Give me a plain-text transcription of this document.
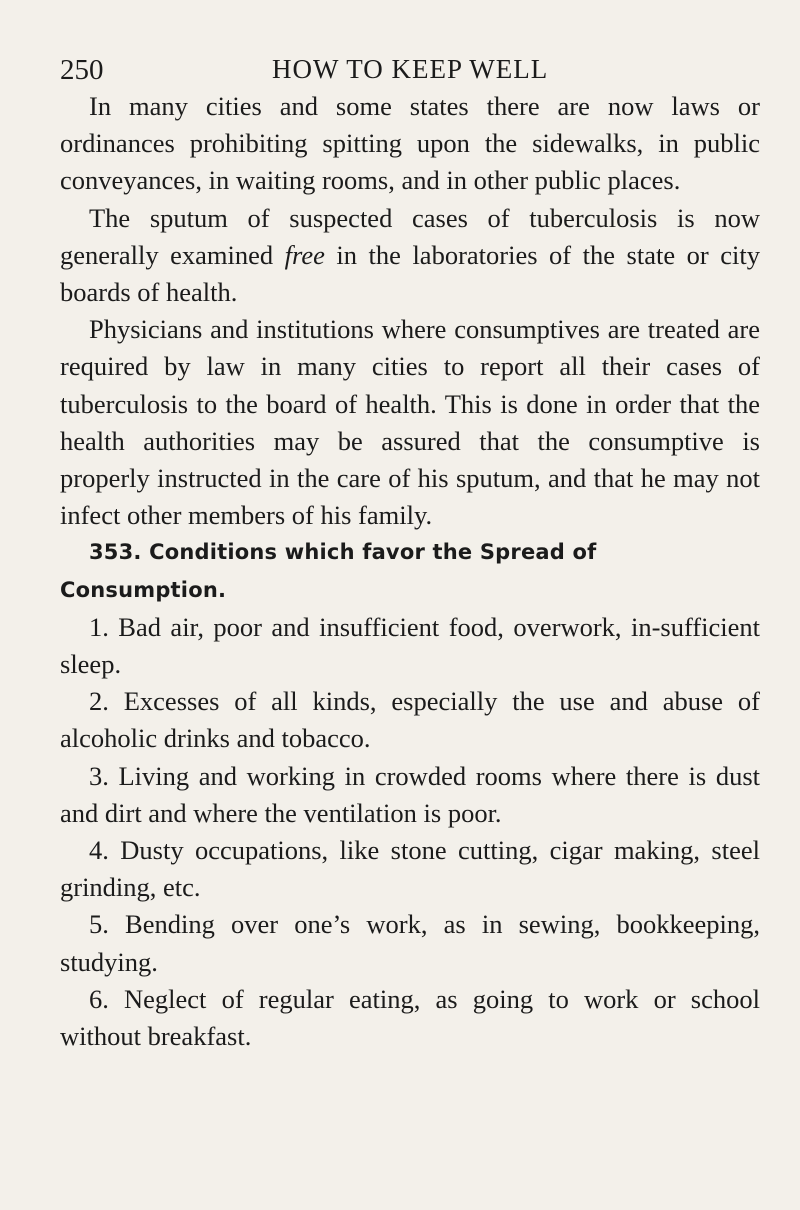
250	HOW TO KEEP WELL

In many cities and some states there are now laws or ordinances prohibiting spitting upon the sidewalks, in public conveyances, in waiting rooms, and in other public places.

The sputum of suspected cases of tuberculosis is now generally examined free in the laboratories of the state or city boards of health.

Physicians and institutions where consumptives are treated are required by law in many cities to report all their cases of tuberculosis to the board of health. This is done in order that the health authorities may be assured that the consumptive is properly instructed in the care of his sputum, and that he may not infect other members of his family.

353. Conditions which favor the Spread of Consumption.

1. Bad air, poor and insufficient food, overwork, in-sufficient sleep.

2. Excesses of all kinds, especially the use and abuse of alcoholic drinks and tobacco.

3. Living and working in crowded rooms where there is dust and dirt and where the ventilation is poor.

4. Dusty occupations, like stone cutting, cigar making, steel grinding, etc.

5. Bending over one’s work, as in sewing, bookkeeping, studying.

6. Neglect of regular eating, as going to work or school without breakfast.
